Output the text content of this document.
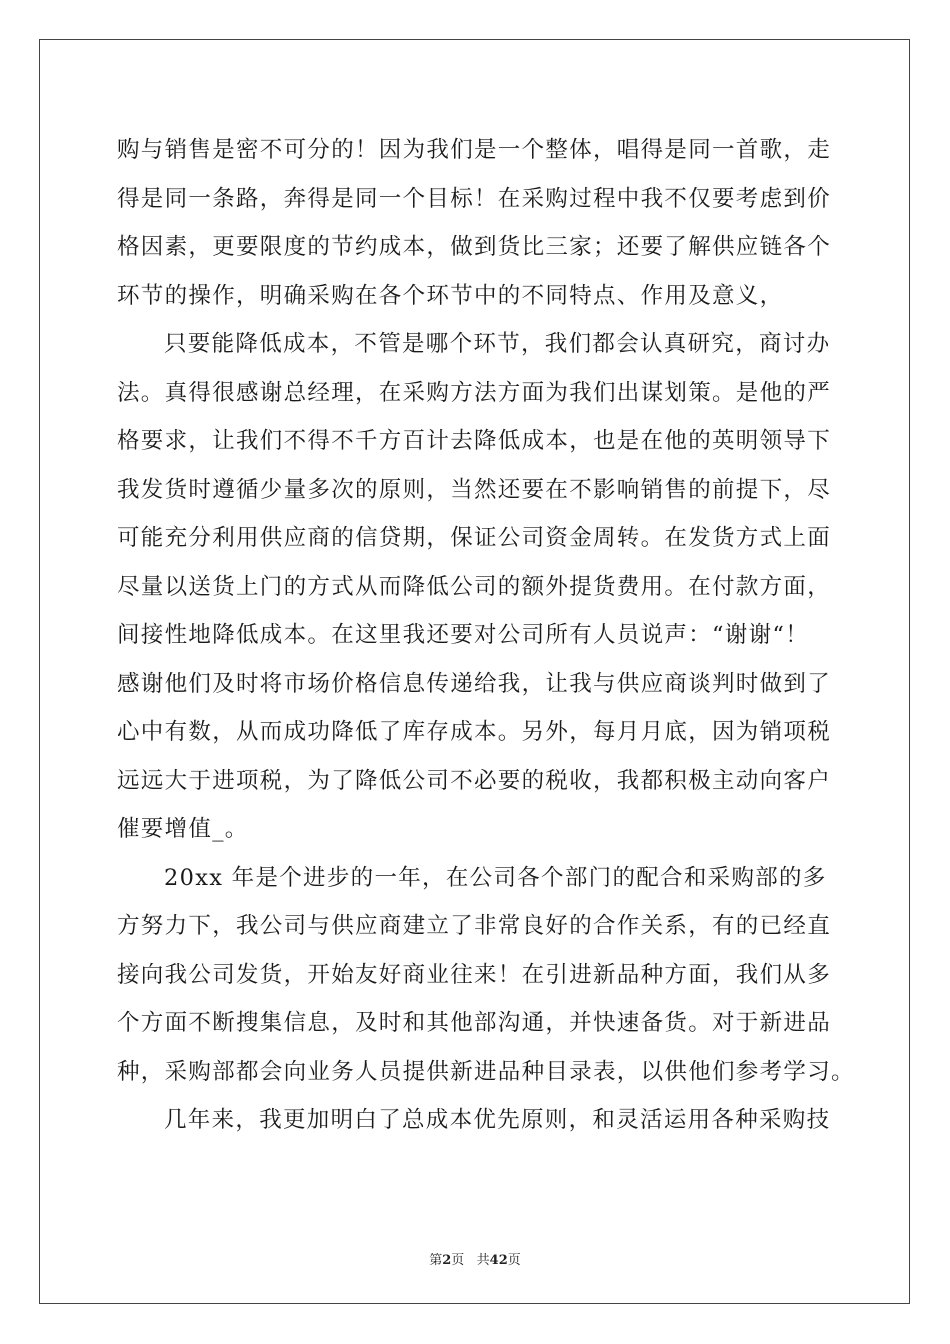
购与销售是密不可分的！因为我们是一个整体，唱得是同一首歌，走
得是同一条路，奔得是同一个目标！在采购过程中我不仅要考虑到价
格因素，更要限度的节约成本，做到货比三家；还要了解供应链各个
环节的操作，明确采购在各个环节中的不同特点、作用及意义，
只要能降低成本，不管是哪个环节，我们都会认真研究，商讨办
法。真得很感谢总经理，在采购方法方面为我们出谋划策。是他的严
格要求，让我们不得不千方百计去降低成本，也是在他的英明领导下
我发货时遵循少量多次的原则，当然还要在不影响销售的前提下，尽
可能充分利用供应商的信贷期，保证公司资金周转。在发货方式上面
尽量以送货上门的方式从而降低公司的额外提货费用。在付款方面，
间接性地降低成本。在这里我还要对公司所有人员说声：“谢谢“！
感谢他们及时将市场价格信息传递给我，让我与供应商谈判时做到了
心中有数，从而成功降低了库存成本。另外，每月月底，因为销项税
远远大于进项税，为了降低公司不必要的税收，我都积极主动向客户
催要增值_。
20xx 年是个进步的一年，在公司各个部门的配合和采购部的多
方努力下，我公司与供应商建立了非常良好的合作关系，有的已经直
接向我公司发货，开始友好商业往来！在引进新品种方面，我们从多
个方面不断搜集信息，及时和其他部沟通，并快速备货。对于新进品
种，采购部都会向业务人员提供新进品种目录表，以供他们参考学习。
几年来，我更加明白了总成本优先原则，和灵活运用各种采购技
第2页   共42页
